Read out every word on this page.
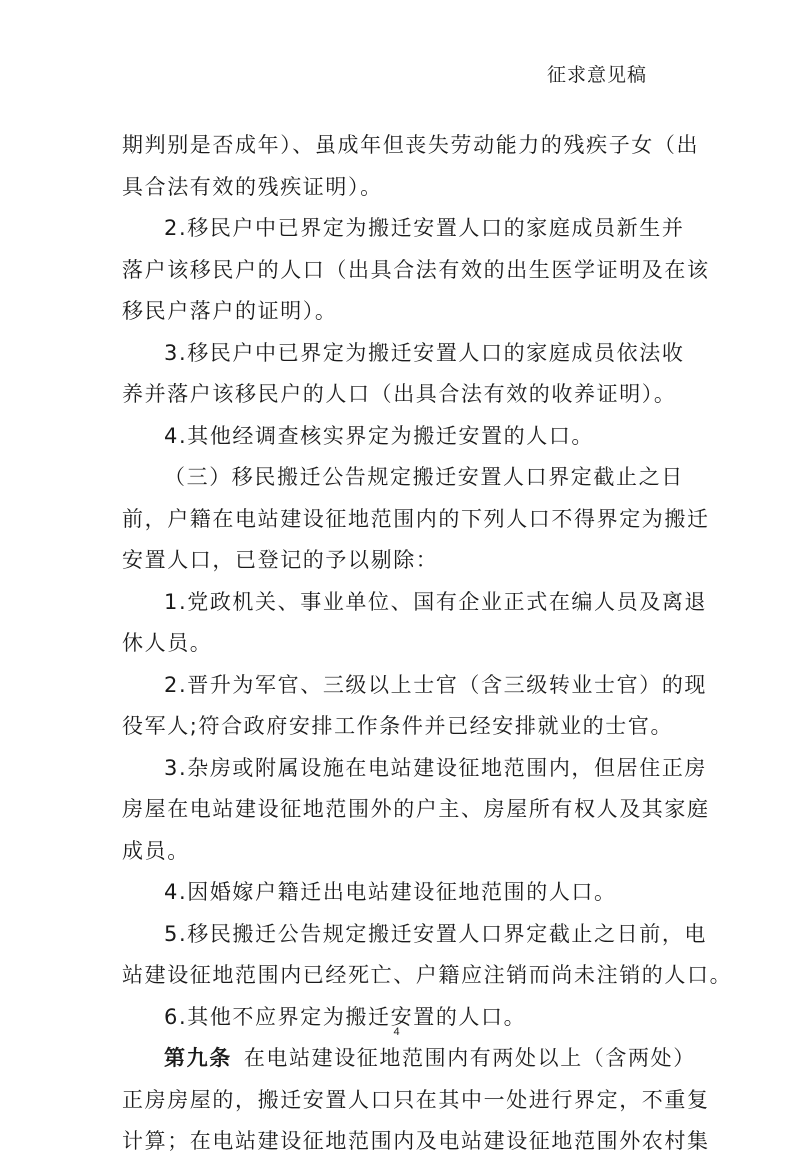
征求意见稿
期判别是否成年）、虽成年但丧失劳动能力的残疾子女（出
具合法有效的残疾证明）。
2.移民户中已界定为搬迁安置人口的家庭成员新生并
落户该移民户的人口（出具合法有效的出生医学证明及在该
移民户落户的证明）。
3.移民户中已界定为搬迁安置人口的家庭成员依法收
养并落户该移民户的人口（出具合法有效的收养证明）。
4.其他经调查核实界定为搬迁安置的人口。
（三）移民搬迁公告规定搬迁安置人口界定截止之日
前，户籍在电站建设征地范围内的下列人口不得界定为搬迁
安置人口，已登记的予以剔除：
1.党政机关、事业单位、国有企业正式在编人员及离退
休人员。
2.晋升为军官、三级以上士官（含三级转业士官）的现
役军人;符合政府安排工作条件并已经安排就业的士官。
3.杂房或附属设施在电站建设征地范围内，但居住正房
房屋在电站建设征地范围外的户主、房屋所有权人及其家庭
成员。
4.因婚嫁户籍迁出电站建设征地范围的人口。
5.移民搬迁公告规定搬迁安置人口界定截止之日前，电
站建设征地范围内已经死亡、户籍应注销而尚未注销的人口。
6.其他不应界定为搬迁安置的人口。
第九条 在电站建设征地范围内有两处以上（含两处）
正房房屋的，搬迁安置人口只在其中一处进行界定，不重复
计算；在电站建设征地范围内及电站建设征地范围外农村集
4
